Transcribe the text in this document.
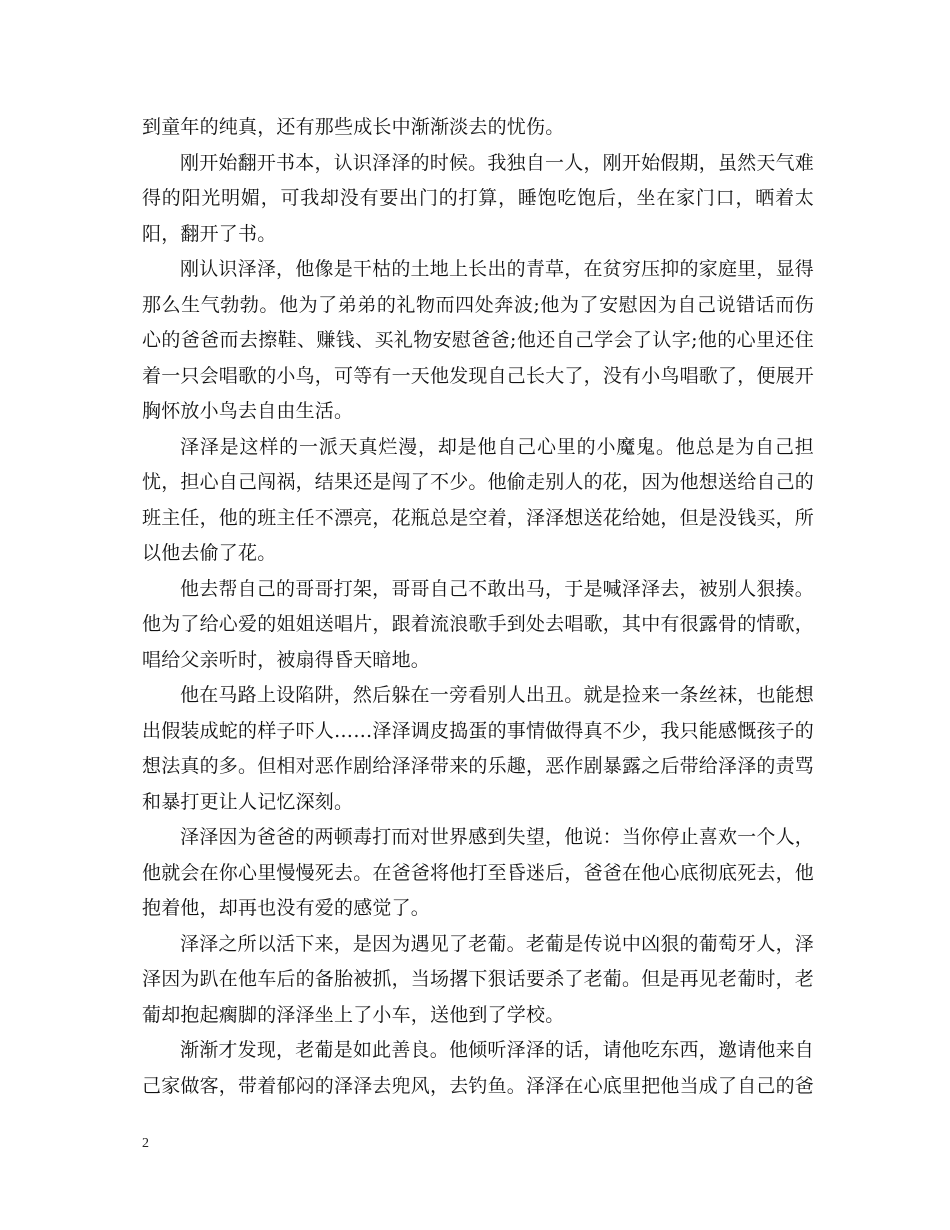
到童年的纯真，还有那些成长中渐渐淡去的忧伤。

刚开始翻开书本，认识泽泽的时候。我独自一人，刚开始假期，虽然天气难得的阳光明媚，可我却没有要出门的打算，睡饱吃饱后，坐在家门口，晒着太阳，翻开了书。

刚认识泽泽，他像是干枯的土地上长出的青草，在贫穷压抑的家庭里，显得那么生气勃勃。他为了弟弟的礼物而四处奔波;他为了安慰因为自己说错话而伤心的爸爸而去擦鞋、赚钱、买礼物安慰爸爸;他还自己学会了认字;他的心里还住着一只会唱歌的小鸟，可等有一天他发现自己长大了，没有小鸟唱歌了，便展开胸怀放小鸟去自由生活。

泽泽是这样的一派天真烂漫，却是他自己心里的小魔鬼。他总是为自己担忧，担心自己闯祸，结果还是闯了不少。他偷走别人的花，因为他想送给自己的班主任，他的班主任不漂亮，花瓶总是空着，泽泽想送花给她，但是没钱买，所以他去偷了花。

他去帮自己的哥哥打架，哥哥自己不敢出马，于是喊泽泽去，被别人狠揍。他为了给心爱的姐姐送唱片，跟着流浪歌手到处去唱歌，其中有很露骨的情歌，唱给父亲听时，被扇得昏天暗地。

他在马路上设陷阱，然后躲在一旁看别人出丑。就是捡来一条丝袜，也能想出假装成蛇的样子吓人……泽泽调皮捣蛋的事情做得真不少，我只能感慨孩子的想法真的多。但相对恶作剧给泽泽带来的乐趣，恶作剧暴露之后带给泽泽的责骂和暴打更让人记忆深刻。

泽泽因为爸爸的两顿毒打而对世界感到失望，他说：当你停止喜欢一个人，他就会在你心里慢慢死去。在爸爸将他打至昏迷后，爸爸在他心底彻底死去，他抱着他，却再也没有爱的感觉了。

泽泽之所以活下来，是因为遇见了老葡。老葡是传说中凶狠的葡萄牙人，泽泽因为趴在他车后的备胎被抓，当场撂下狠话要杀了老葡。但是再见老葡时，老葡却抱起瘸脚的泽泽坐上了小车，送他到了学校。

渐渐才发现，老葡是如此善良。他倾听泽泽的话，请他吃东西，邀请他来自己家做客，带着郁闷的泽泽去兜风，去钓鱼。泽泽在心底里把他当成了自己的爸

2
